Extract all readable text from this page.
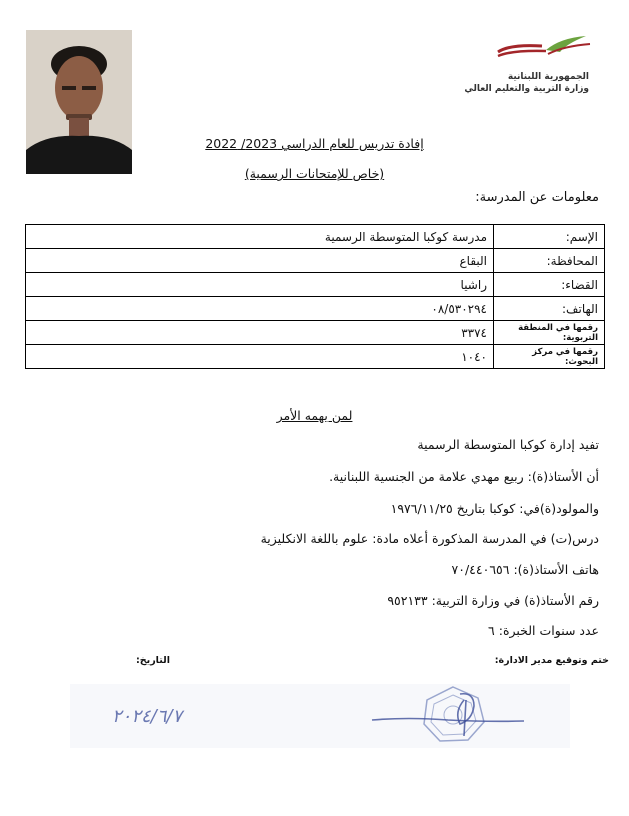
الجمهورية اللبنانية
وزارة التربية والتعليم العالي
إفادة تدريس للعام الدراسي 2023/ 2022
(خاص للإمتحانات الرسمية)
معلومات عن المدرسة:
الإسم:	مدرسة كوكبا المتوسطة الرسمية
المحافظة:	البقاع
القضاء:	راشيا
الهاتف:	٠٨/٥٣٠٢٩٤
رقمها في المنطقة التربوية:	٣٣٧٤
رقمها في مركز البحوث:	١٠٤٠
لمن يهمه الأمر
تفيد إدارة كوكبا المتوسطة الرسمية
أن الأستاذ(ة): ربيع مهدي علامة من الجنسية اللبنانية.
والمولود(ة)في: كوكبا بتاريخ ١٩٧٦/١١/٢٥
درس(ت) في المدرسة المذكورة أعلاه مادة: علوم باللغة الانكليزية
هاتف الأستاذ(ة): ٧٠/٤٤٠٦٥٦
رقم الأستاذ(ة) في وزارة التربية: ٩٥٢١٣٣
عدد سنوات الخبرة: ٦
ختم وتوقيع مدير الادارة:
التاريخ:
٢٠٢٤/٦/٧
